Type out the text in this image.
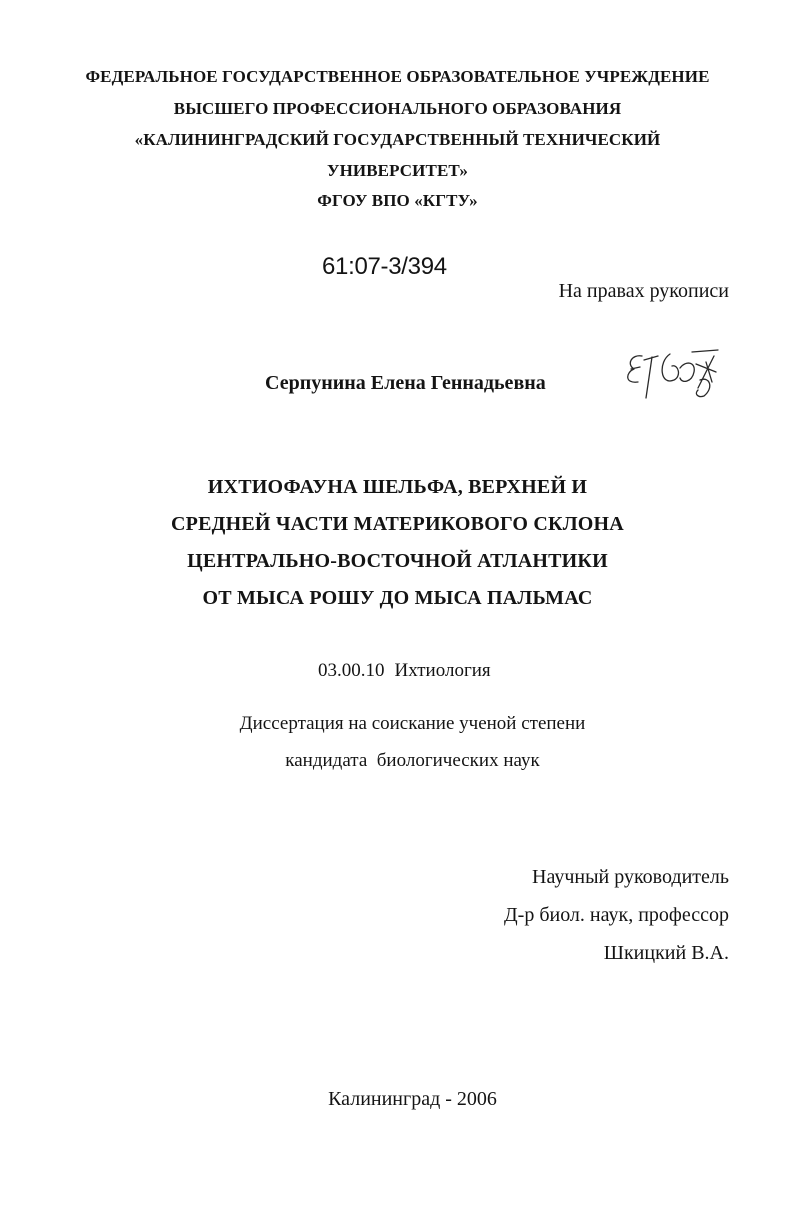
ФЕДЕРАЛЬНОЕ ГОСУДАРСТВЕННОЕ ОБРАЗОВАТЕЛЬНОЕ УЧРЕЖДЕНИЕ
ВЫСШЕГО ПРОФЕССИОНАЛЬНОГО ОБРАЗОВАНИЯ
«КАЛИНИНГРАДСКИЙ ГОСУДАРСТВЕННЫЙ ТЕХНИЧЕСКИЙ
УНИВЕРСИТЕТ»
ФГОУ ВПО «КГТУ»
61:07-3/394
На правах рукописи
Серпунина Елена Геннадьевна
ИХТИОФАУНА ШЕЛЬФА, ВЕРХНЕЙ И
СРЕДНЕЙ ЧАСТИ МАТЕРИКОВОГО СКЛОНА
ЦЕНТРАЛЬНО-ВОСТОЧНОЙ АТЛАНТИКИ
ОТ МЫСА РОШУ ДО МЫСА ПАЛЬМАС
03.00.10 Ихтиология
Диссертация на соискание ученой степени
кандидата  биологических наук
Научный руководитель
Д-р биол. наук, профессор
Шкицкий В.А.
Калининград - 2006
